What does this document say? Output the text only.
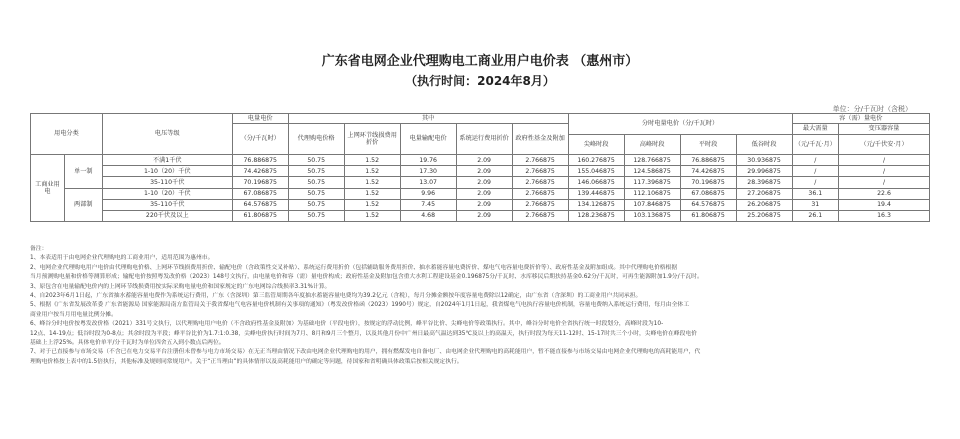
广东省电网企业代理购电工商业用户电价表 （惠州市）
（执行时间：2024年8月）
单位：分/千瓦时（含税）
用电分类		电压等级	电量电价	其中					分时电量电价（分/千瓦时）				容（需）量电价	
			（分/千瓦时）	代理购电价格	上网环节线损费用折价	电量输配电价	系统运行费用折价	政府性基金及附加					最大需量	变压器容量
									尖峰时段	高峰时段	平时段	低谷时段	（元/千瓦·月）	（元/千伏安·月）
工商业用电	单一制	不满1千伏	76.886875	50.75	1.52	19.76	2.09	2.766875	160.276875	128.766875	76.886875	30.936875	/	/
		1-10（20）千伏	74.426875	50.75	1.52	17.30	2.09	2.766875	155.046875	124.586875	74.426875	29.996875	/	/
		35-110千伏	70.196875	50.75	1.52	13.07	2.09	2.766875	146.066875	117.396875	70.196875	28.396875	/	/
	两部制	1-10（20）千伏	67.086875	50.75	1.52	9.96	2.09	2.766875	139.446875	112.106875	67.086875	27.206875	36.1	22.6
		35-110千伏	64.576875	50.75	1.52	7.45	2.09	2.766875	134.126875	107.846875	64.576875	26.206875	31	19.4
		220千伏及以上	61.806875	50.75	1.52	4.68	2.09	2.766875	128.236875	103.136875	61.806875	25.206875	26.1	16.3
备注：
1、本表适用于由电网企业代理购电的工商业用户，适用范围为惠州市。
2、电网企业代理购电用户电价由代理购电价格、上网环节线损费用折价、输配电价（含政策性交叉补贴）、系统运行费用折价（包括辅助服务费用折价、抽水蓄能容量电费折价、煤电气电容量电费折价等）、政府性基金及附加组成。其中代理购电价格根据
当月预测购电量和价格等测算形成；输配电价按照粤发改价格（2023）148号文执行，由电量电价和容（需）量电价构成；政府性基金及附加包含重大水利工程建设基金0.196875分/千瓦时、水库移民后期扶持基金0.62分/千瓦时，可再生能源附加1.9分/千瓦时。
3、原包含在电量输配电价内的上网环节线损费用按实际采购电量电价和国家规定的广东电网综合线损率3.31%计算。
4、自2023年6月1日起，广东省抽水蓄能容量电费作为系统运行费用，广东（含深圳）第三监管周期各年度抽水蓄能容量电费均为39.2亿元（含税），每月分摊金额按年度容量电费除以12确定，由广东省（含深圳）的工商业用户共同承担。
5、根据《广东省发展改革委 广东省能源局 国家能源局南方监管局关于我省煤电气电容量电价机制有关事项的通知》（粤发改价格函（2023）1990号）规定，自2024年1月1日起，我省煤电气电执行容量电价机制，容量电费纳入系统运行费用，每月由全体工
商业用户按当月用电量比例分摊。
6、峰谷分时电价按粤发改价格（2021）331号文执行，以代理购电用户电价（不含政府性基金及附加）为基础电价（平段电价），按规定的浮动比例，峰平谷比价、尖峰电价等政策执行。其中，峰谷分时电价全省执行统一时段划分，高峰时段为10-
12点、14-19点；低谷时段为0-8点；其余时段为平段；峰平谷比价为1.7:1:0.38，尖峰电价执行时间为7月、8月和9月三个整月，以及其他月份中广州日最高气温达到35℃及以上的高温天，执行时段为每天11-12时、15-17时共三个小时，尖峰电价在峰段电价
基础上上浮25%。具体电价单平/分千瓦时为单位四舍五入到小数点后两位。
7、对于已直接参与市场交易（不含已在电力交易平台注册但未曾参与电力市场交易）在无正当理由情况下改由电网企业代理购电的用户，拥有燃煤发电自备电厂、由电网企业代理购电的高耗能用户，暂不能直接参与市场交易由电网企业代理购电的高耗能用户，代
理购电价格按上表中的1.5倍执行，其他标准及规则同常规用户。关于“正当理由”的具体情形以及高耗能用户的确定等问题，待国家和省明确具体政策后按相关规定执行。
